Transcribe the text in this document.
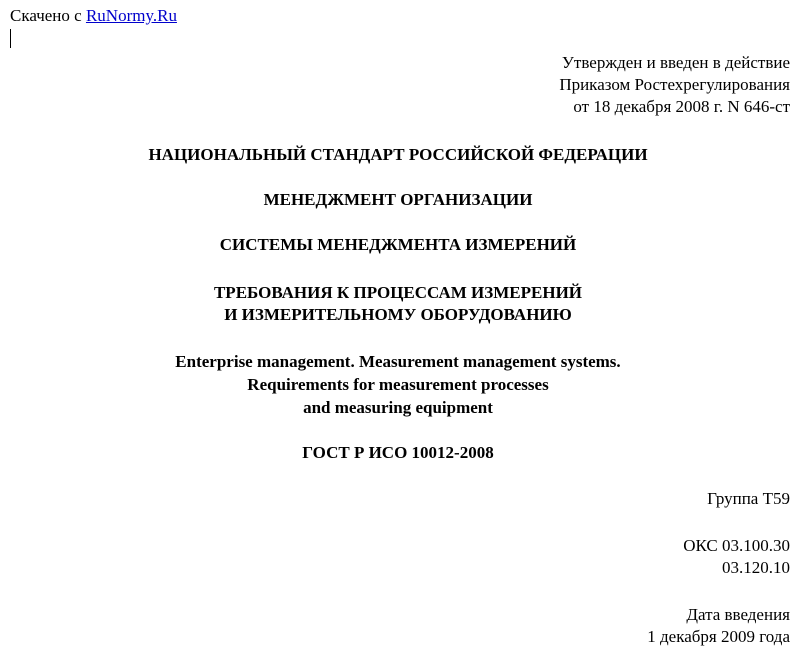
Скачено с RuNormy.Ru
Утвержден и введен в действие
Приказом Ростехрегулирования
от 18 декабря 2008 г. N 646-ст
НАЦИОНАЛЬНЫЙ СТАНДАРТ РОССИЙСКОЙ ФЕДЕРАЦИИ
МЕНЕДЖМЕНТ ОРГАНИЗАЦИИ
СИСТЕМЫ МЕНЕДЖМЕНТА ИЗМЕРЕНИЙ
ТРЕБОВАНИЯ К ПРОЦЕССАМ ИЗМЕРЕНИЙ
И ИЗМЕРИТЕЛЬНОМУ ОБОРУДОВАНИЮ
Enterprise management. Measurement management systems.
Requirements for measurement processes
and measuring equipment
ГОСТ Р ИСО 10012-2008
Группа Т59
ОКС 03.100.30
03.120.10
Дата введения
1 декабря 2009 года
